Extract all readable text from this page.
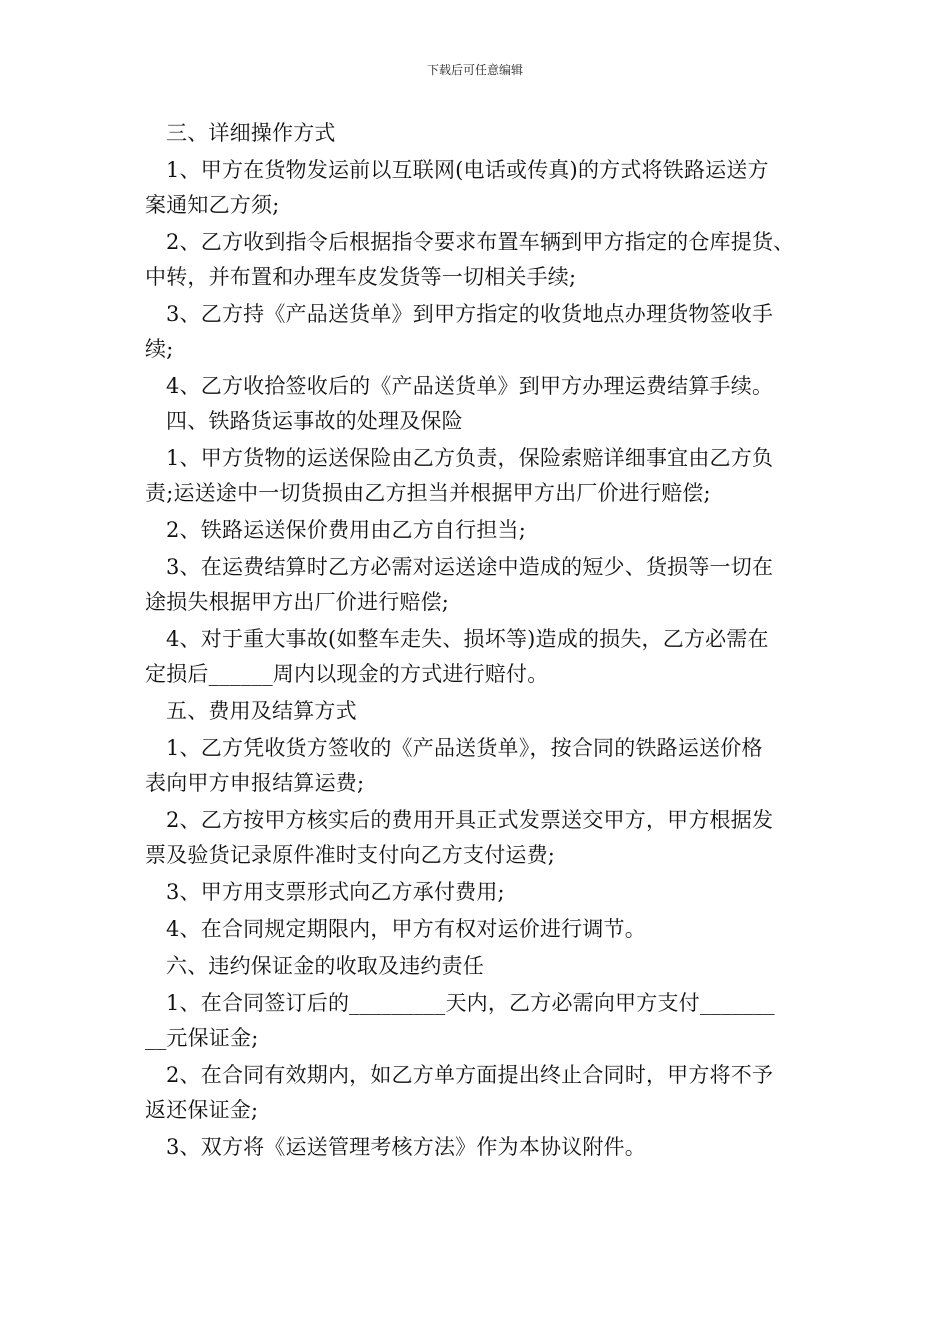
下载后可任意编辑
三、详细操作方式
1、甲方在货物发运前以互联网(电话或传真)的方式将铁路运送方
案通知乙方须;
2、乙方收到指令后根据指令要求布置车辆到甲方指定的仓库提货、
中转，并布置和办理车皮发货等一切相关手续;
3、乙方持《产品送货单》到甲方指定的收货地点办理货物签收手
续;
4、乙方收拾签收后的《产品送货单》到甲方办理运费结算手续。
四、铁路货运事故的处理及保险
1、甲方货物的运送保险由乙方负责，保险索赔详细事宜由乙方负
责;运送途中一切货损由乙方担当并根据甲方出厂价进行赔偿;
2、铁路运送保价费用由乙方自行担当;
3、在运费结算时乙方必需对运送途中造成的短少、货损等一切在
途损失根据甲方出厂价进行赔偿;
4、对于重大事故(如整车走失、损坏等)造成的损失，乙方必需在
定损后______周内以现金的方式进行赔付。
五、费用及结算方式
1、乙方凭收货方签收的《产品送货单》，按合同的铁路运送价格
表向甲方申报结算运费;
2、乙方按甲方核实后的费用开具正式发票送交甲方，甲方根据发
票及验货记录原件准时支付向乙方支付运费;
3、甲方用支票形式向乙方承付费用;
4、在合同规定期限内，甲方有权对运价进行调节。
六、违约保证金的收取及违约责任
1、在合同签订后的_________天内，乙方必需向甲方支付_______
__元保证金;
2、在合同有效期内，如乙方单方面提出终止合同时，甲方将不予
返还保证金;
3、双方将《运送管理考核方法》作为本协议附件。
